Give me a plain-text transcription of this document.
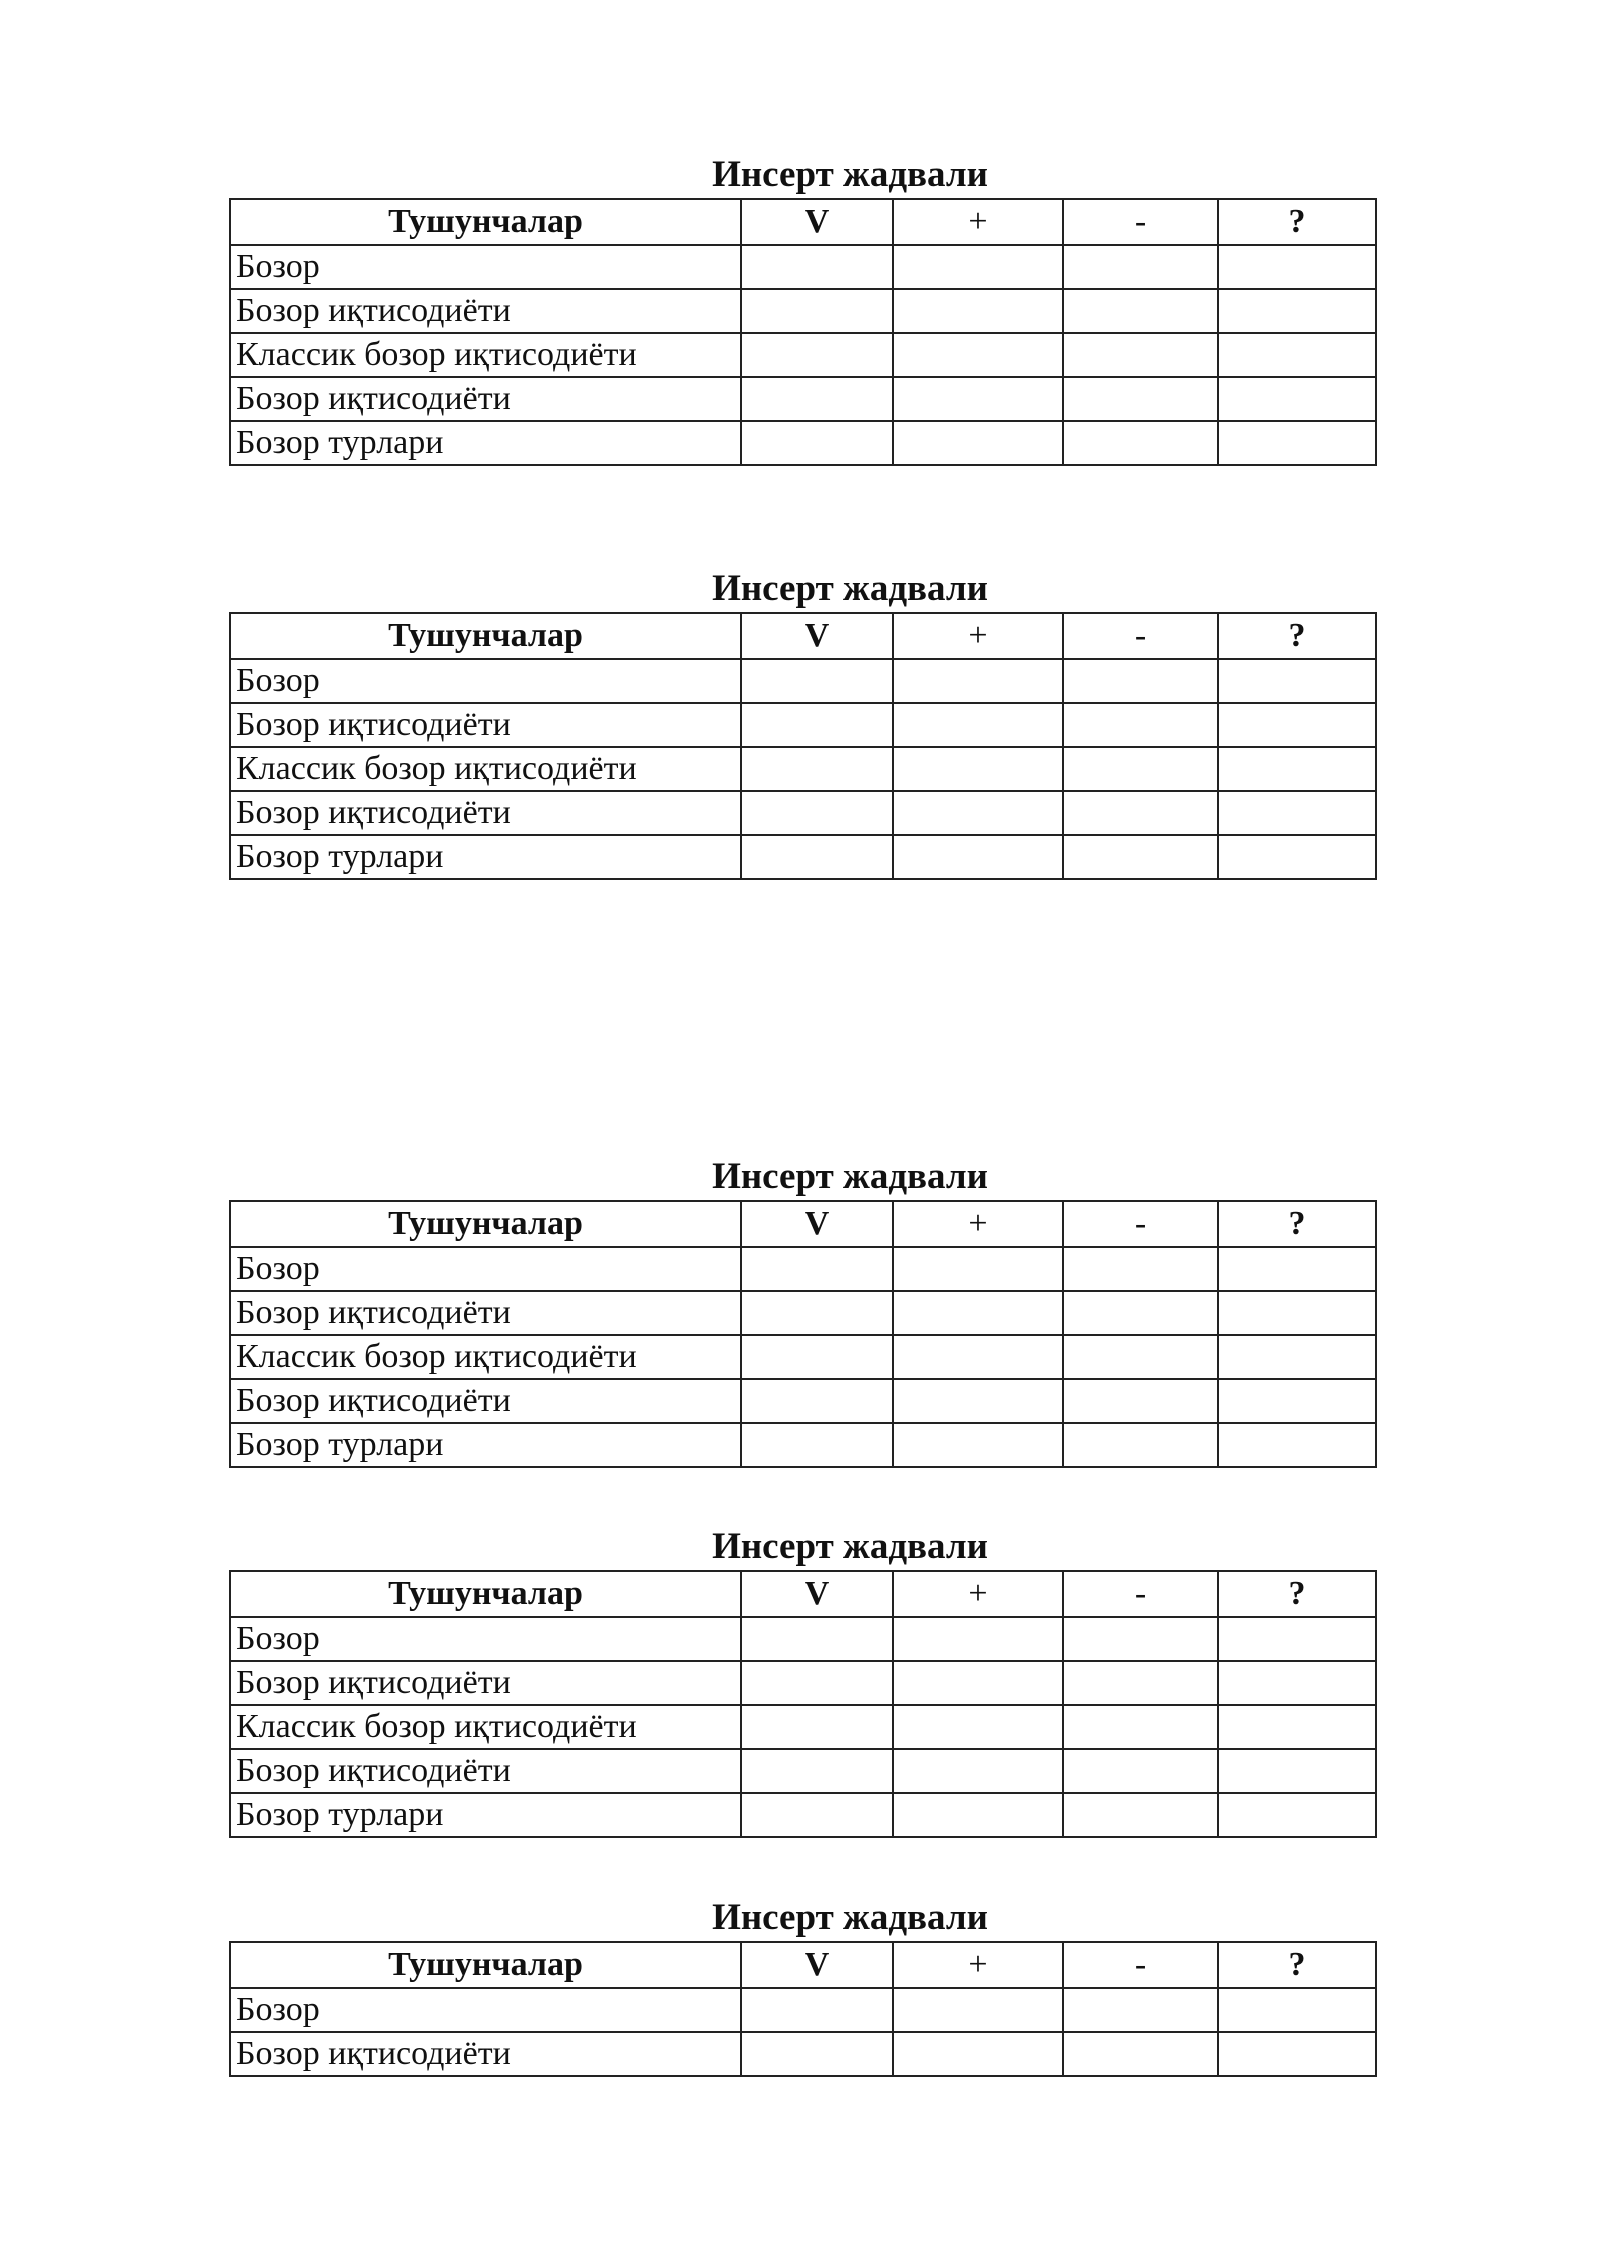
Инсерт жадвали
Тушунчалар	V	+	-	?
Бозор				
Бозор иқтисодиёти				
Классик бозор иқтисодиёти				
Бозор иқтисодиёти				
Бозор турлари				
Инсерт жадвали
Тушунчалар	V	+	-	?
Бозор				
Бозор иқтисодиёти				
Классик бозор иқтисодиёти				
Бозор иқтисодиёти				
Бозор турлари				
Инсерт жадвали
Тушунчалар	V	+	-	?
Бозор				
Бозор иқтисодиёти				
Классик бозор иқтисодиёти				
Бозор иқтисодиёти				
Бозор турлари				
Инсерт жадвали
Тушунчалар	V	+	-	?
Бозор				
Бозор иқтисодиёти				
Классик бозор иқтисодиёти				
Бозор иқтисодиёти				
Бозор турлари				
Инсерт жадвали
Тушунчалар	V	+	-	?
Бозор				
Бозор иқтисодиёти				
